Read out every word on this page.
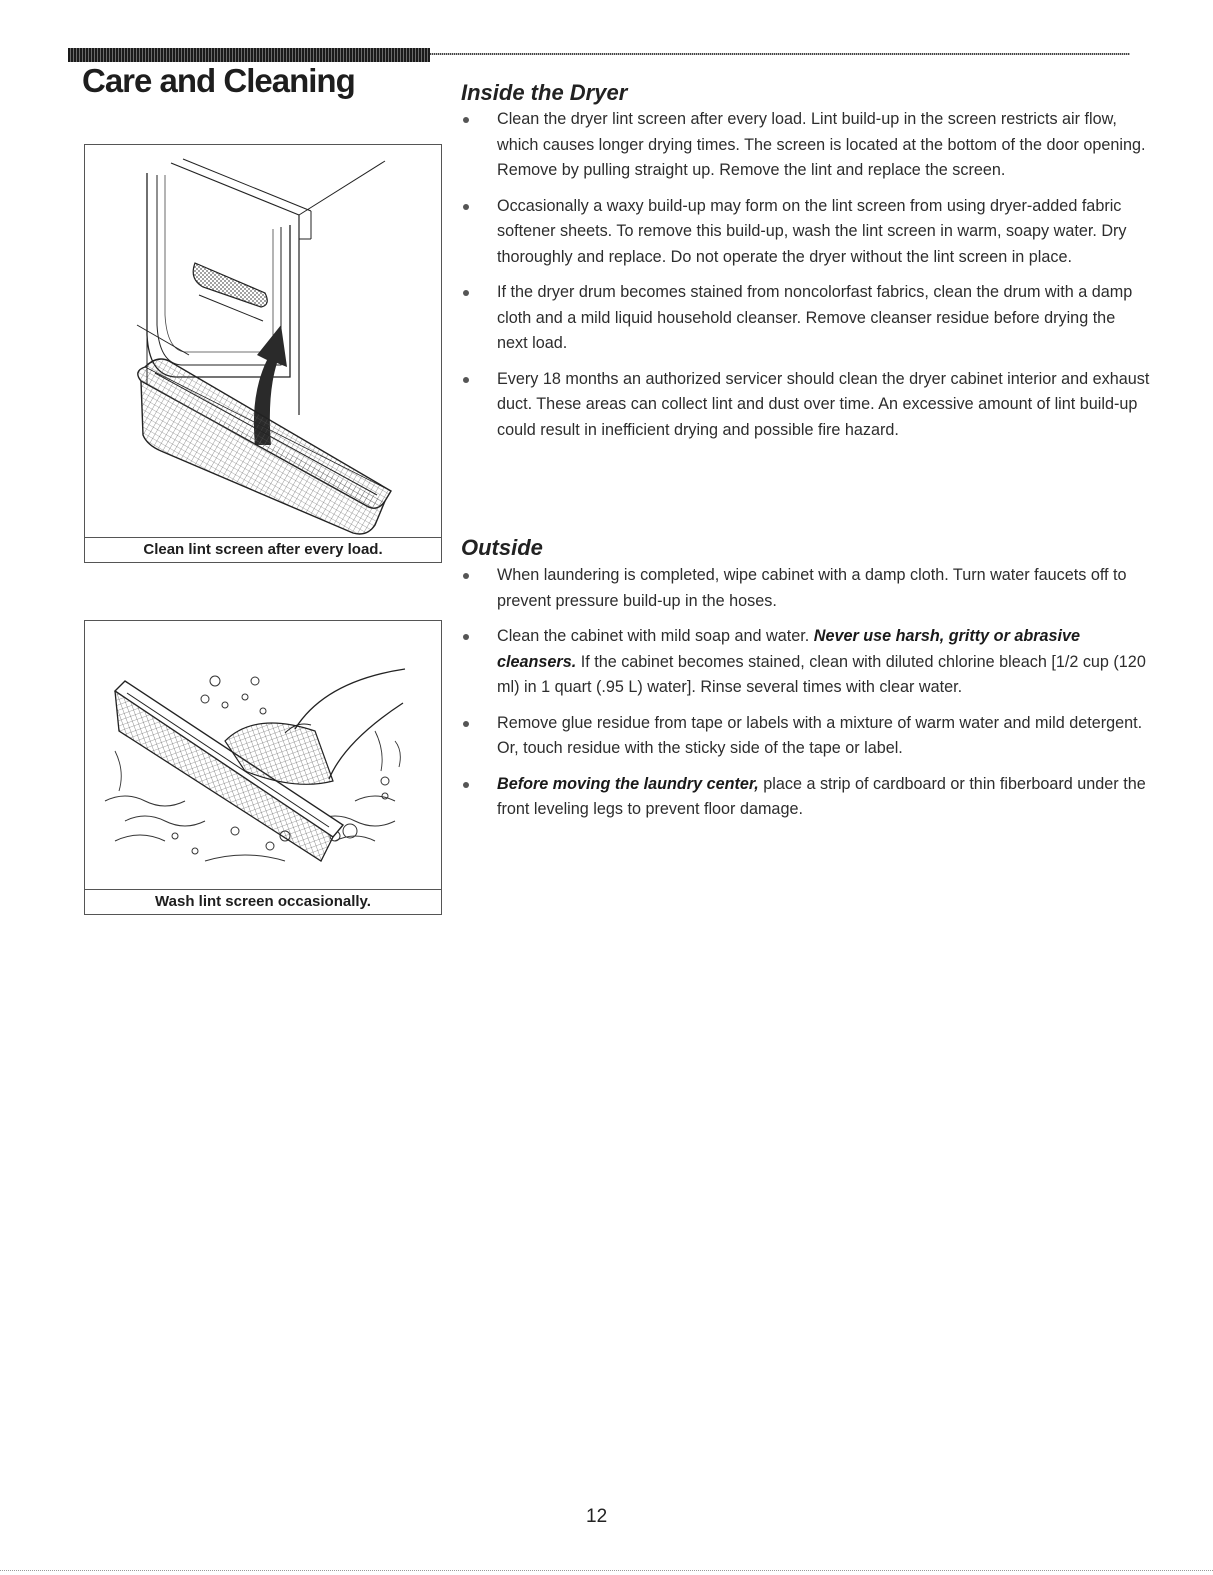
Care and Cleaning

Clean lint screen after every load.

Wash lint screen occasionally.

Inside the Dryer
Clean the dryer lint screen after every load. Lint build-up in the screen restricts air flow, which causes longer drying times. The screen is located at the bottom of the door opening. Remove by pulling straight up. Remove the lint and replace the screen.
Occasionally a waxy build-up may form on the lint screen from using dryer-added fabric softener sheets. To remove this build-up, wash the lint screen in warm, soapy water. Dry thoroughly and replace. Do not operate the dryer without the lint screen in place.
If the dryer drum becomes stained from noncolorfast fabrics, clean the drum with a damp cloth and a mild liquid household cleanser. Remove cleanser residue before drying the next load.
Every 18 months an authorized servicer should clean the dryer cabinet interior and exhaust duct. These areas can collect lint and dust over time. An excessive amount of lint build-up could result in inefficient drying and possible fire hazard.
Outside
When laundering is completed, wipe cabinet with a damp cloth. Turn water faucets off to prevent pressure build-up in the hoses.
Clean the cabinet with mild soap and water. Never use harsh, gritty or abrasive cleansers. If the cabinet becomes stained, clean with diluted chlorine bleach [1/2 cup (120 ml) in 1 quart (.95 L) water]. Rinse several times with clear water.
Remove glue residue from tape or labels with a mixture of warm water and mild detergent. Or, touch residue with the sticky side of the tape or label.
Before moving the laundry center, place a strip of cardboard or thin fiberboard under the front leveling legs to prevent floor damage.

12
